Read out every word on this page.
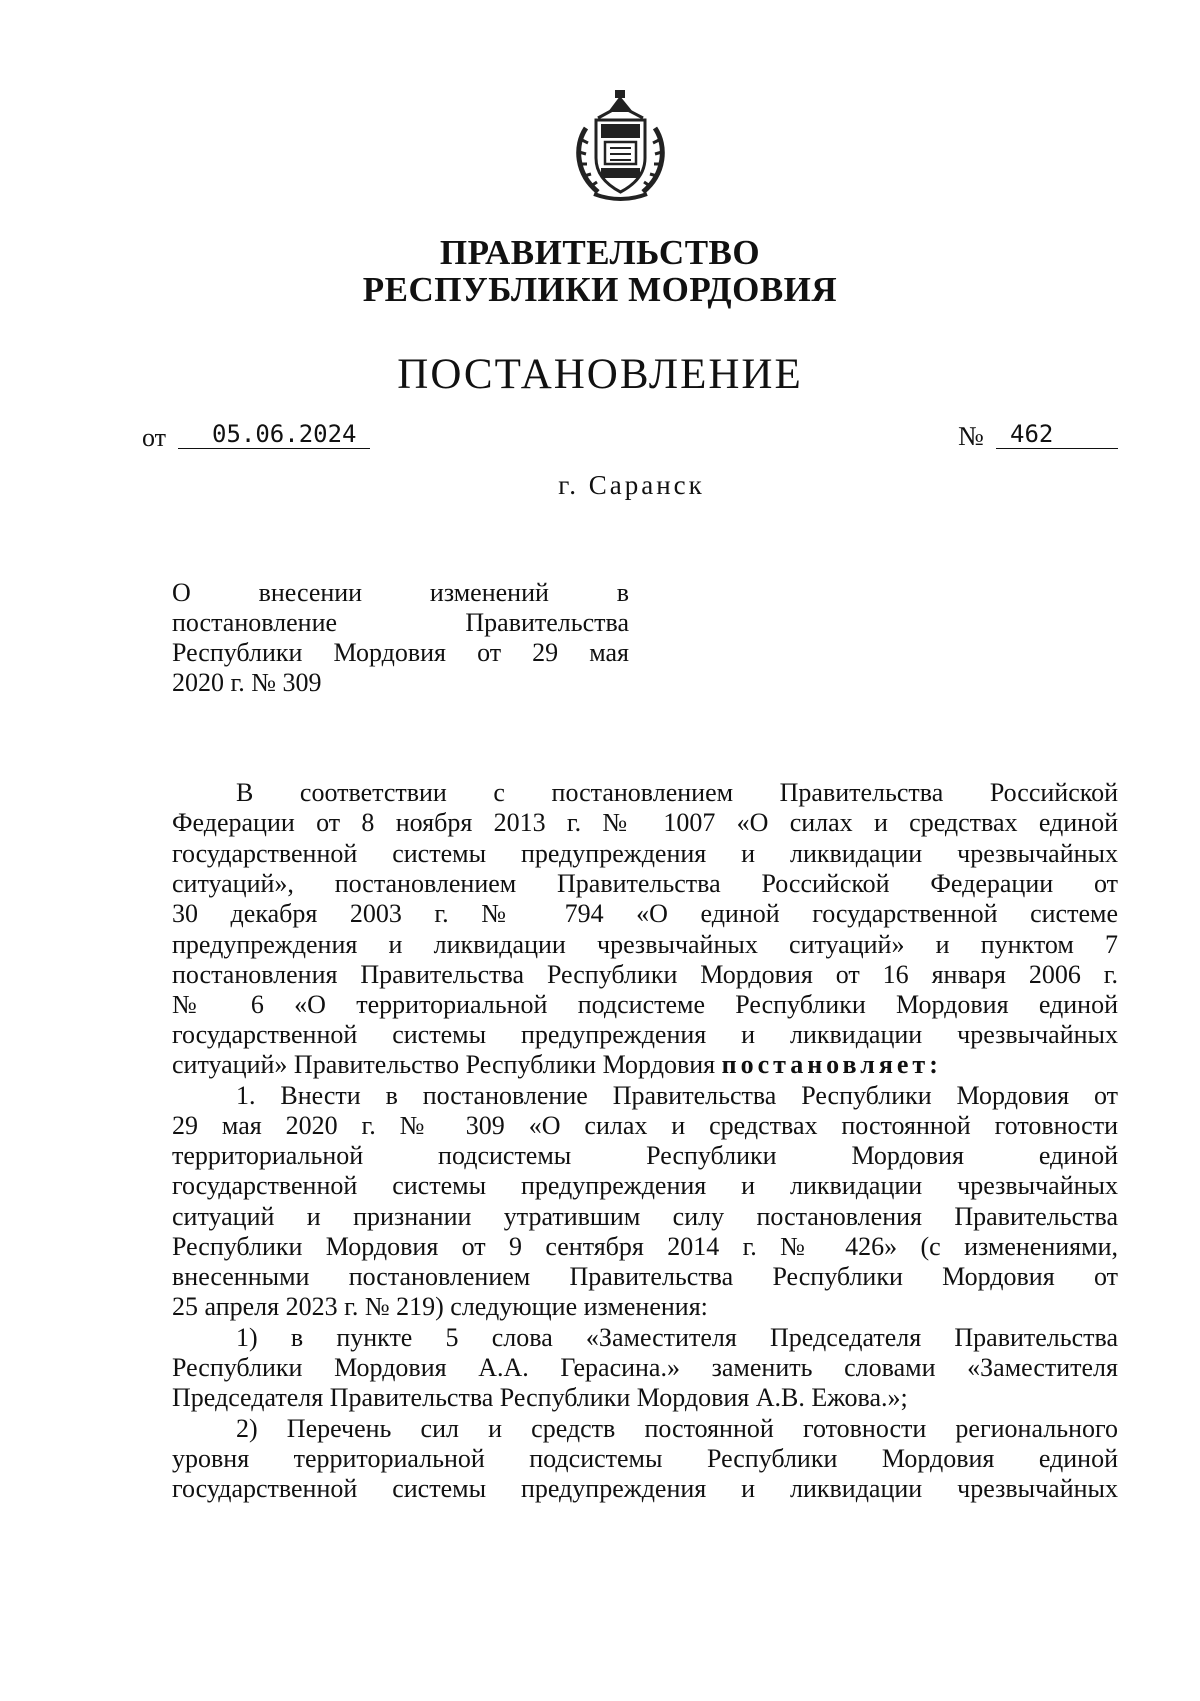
ПРАВИТЕЛЬСТВО
РЕСПУБЛИКИ МОРДОВИЯ
ПОСТАНОВЛЕНИЕ
от	05.06.2024	№	462
г. Саранск
О внесении изменений в
постановление Правительства
Республики Мордовия от 29 мая
2020 г. № 309
В соответствии с постановлением Правительства Российской
Федерации от 8 ноября 2013 г. № 1007 «О силах и средствах единой
государственной системы предупреждения и ликвидации чрезвычайных
ситуаций», постановлением Правительства Российской Федерации от
30 декабря 2003 г. № 794 «О единой государственной системе
предупреждения и ликвидации чрезвычайных ситуаций» и пунктом 7
постановления Правительства Республики Мордовия от 16 января 2006 г.
№ 6 «О территориальной подсистеме Республики Мордовия единой
государственной системы предупреждения и ликвидации чрезвычайных
ситуаций» Правительство Республики Мордовия постановляет:
1. Внести в постановление Правительства Республики Мордовия от
29 мая 2020 г. № 309 «О силах и средствах постоянной готовности
территориальной подсистемы Республики Мордовия единой
государственной системы предупреждения и ликвидации чрезвычайных
ситуаций и признании утратившим силу постановления Правительства
Республики Мордовия от 9 сентября 2014 г. № 426» (с изменениями,
внесенными постановлением Правительства Республики Мордовия от
25 апреля 2023 г. № 219) следующие изменения:
1) в пункте 5 слова «Заместителя Председателя Правительства
Республики Мордовия А.А. Герасина.» заменить словами «Заместителя
Председателя Правительства Республики Мордовия А.В. Ежова.»;
2) Перечень сил и средств постоянной готовности регионального
уровня территориальной подсистемы Республики Мордовия единой
государственной системы предупреждения и ликвидации чрезвычайных
